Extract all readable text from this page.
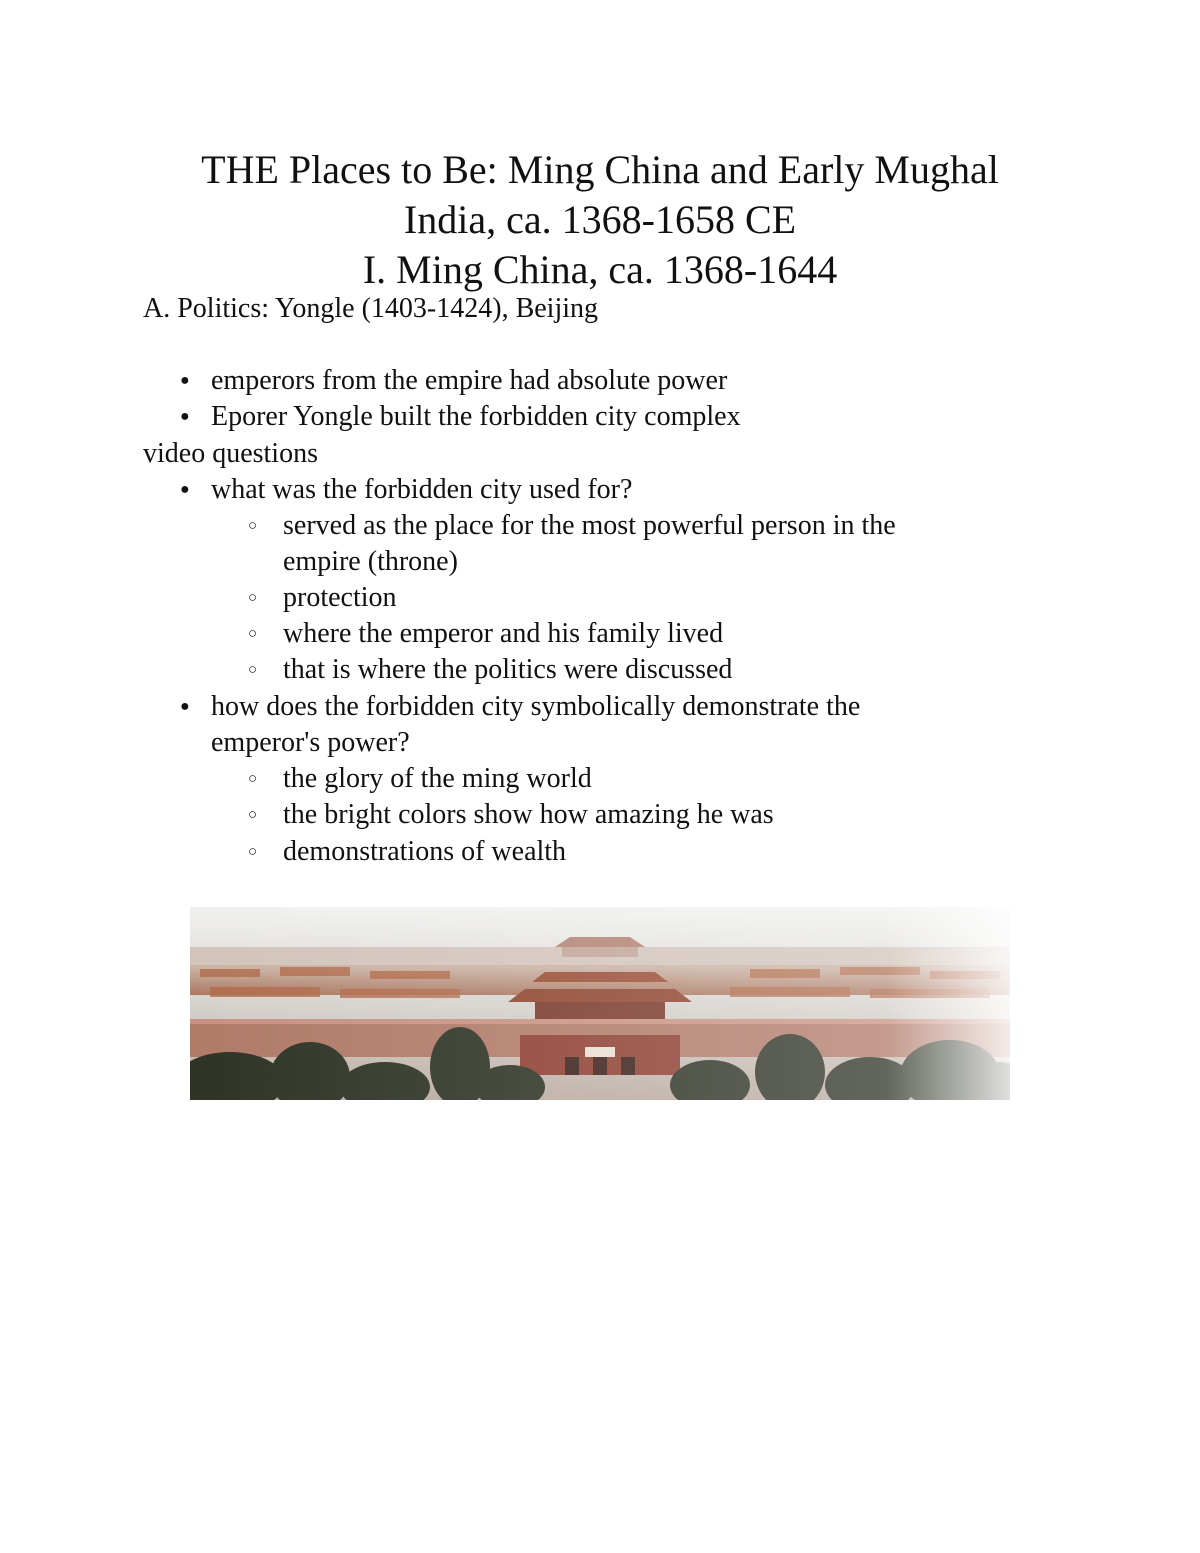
THE Places to Be: Ming China and Early Mughal
India, ca. 1368-1658 CE
I. Ming China, ca. 1368-1644

A. Politics: Yongle (1403-1424), Beijing

●

emperors from the empire had absolute power

●

Eporer Yongle built the forbidden city complex

video questions

●

what was the forbidden city used for?

○

served as the place for the most powerful person in the

empire (throne)

○

protection

○

where the emperor and his family lived

○

that is where the politics were discussed

●

how does the forbidden city symbolically demonstrate the

emperor's power?

○

the glory of the ming world

○

the bright colors show how amazing he was

○

demonstrations of wealth
